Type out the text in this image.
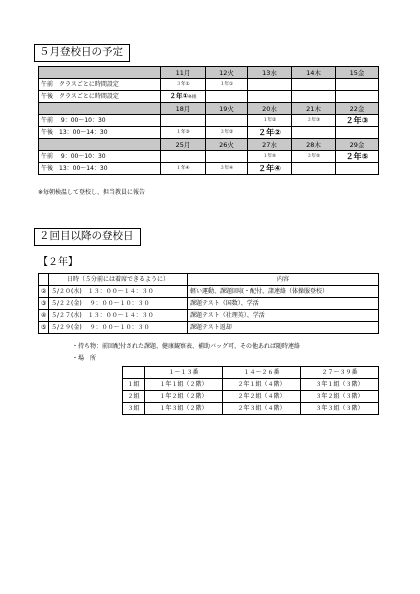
５月登校日の予定
	11月	12火	13水	14木	15金
午前　クラスごとに時間設定	３年①	１年①			
午後　クラスごとに時間設定	２年①※組				
	18月	19火	20水	21木	22金
午前　 9：00～10：30			１年②	３年③	２年③
午後　13：00～14：30	１年③	３年②	２年②		
	25月	26火	27水	28木	29金
午前　 9：00～10：30			１年⑤	３年⑤	２年⑤
午後　13：00～14：30	１年④	３年④	２年④		
※毎朝検温して登校し、担当教員に報告
２回目以降の登校日
【２年】
	日時（５分前には着席できるように）	内容
②	５/２０(水)　１３：００～１４：３０	軽い運動、課題回収・配付、諸連絡（体操服登校）
③	５/２２(金)　 ９：００～１０：３０	課題テスト（国数）、学活
④	５/２７(水)　１３：００～１４：３０	課題テスト（社理英）、学活
⑤	５/２９(金)　 ９：００～１０：３０	課題テスト返却
・持ち物：前回配付された課題、健康観察表、補助バッグ可、その他あれば随時連絡
・場　所
	１～１３番	１４～２６番	２７～３９番
１組	１年１組（２階）	２年１組（４階）	３年１組（３階）
２組	１年２組（２階）	２年２組（４階）	３年２組（３階）
３組	１年３組（２階）	２年３組（４階）	３年３組（３階）
